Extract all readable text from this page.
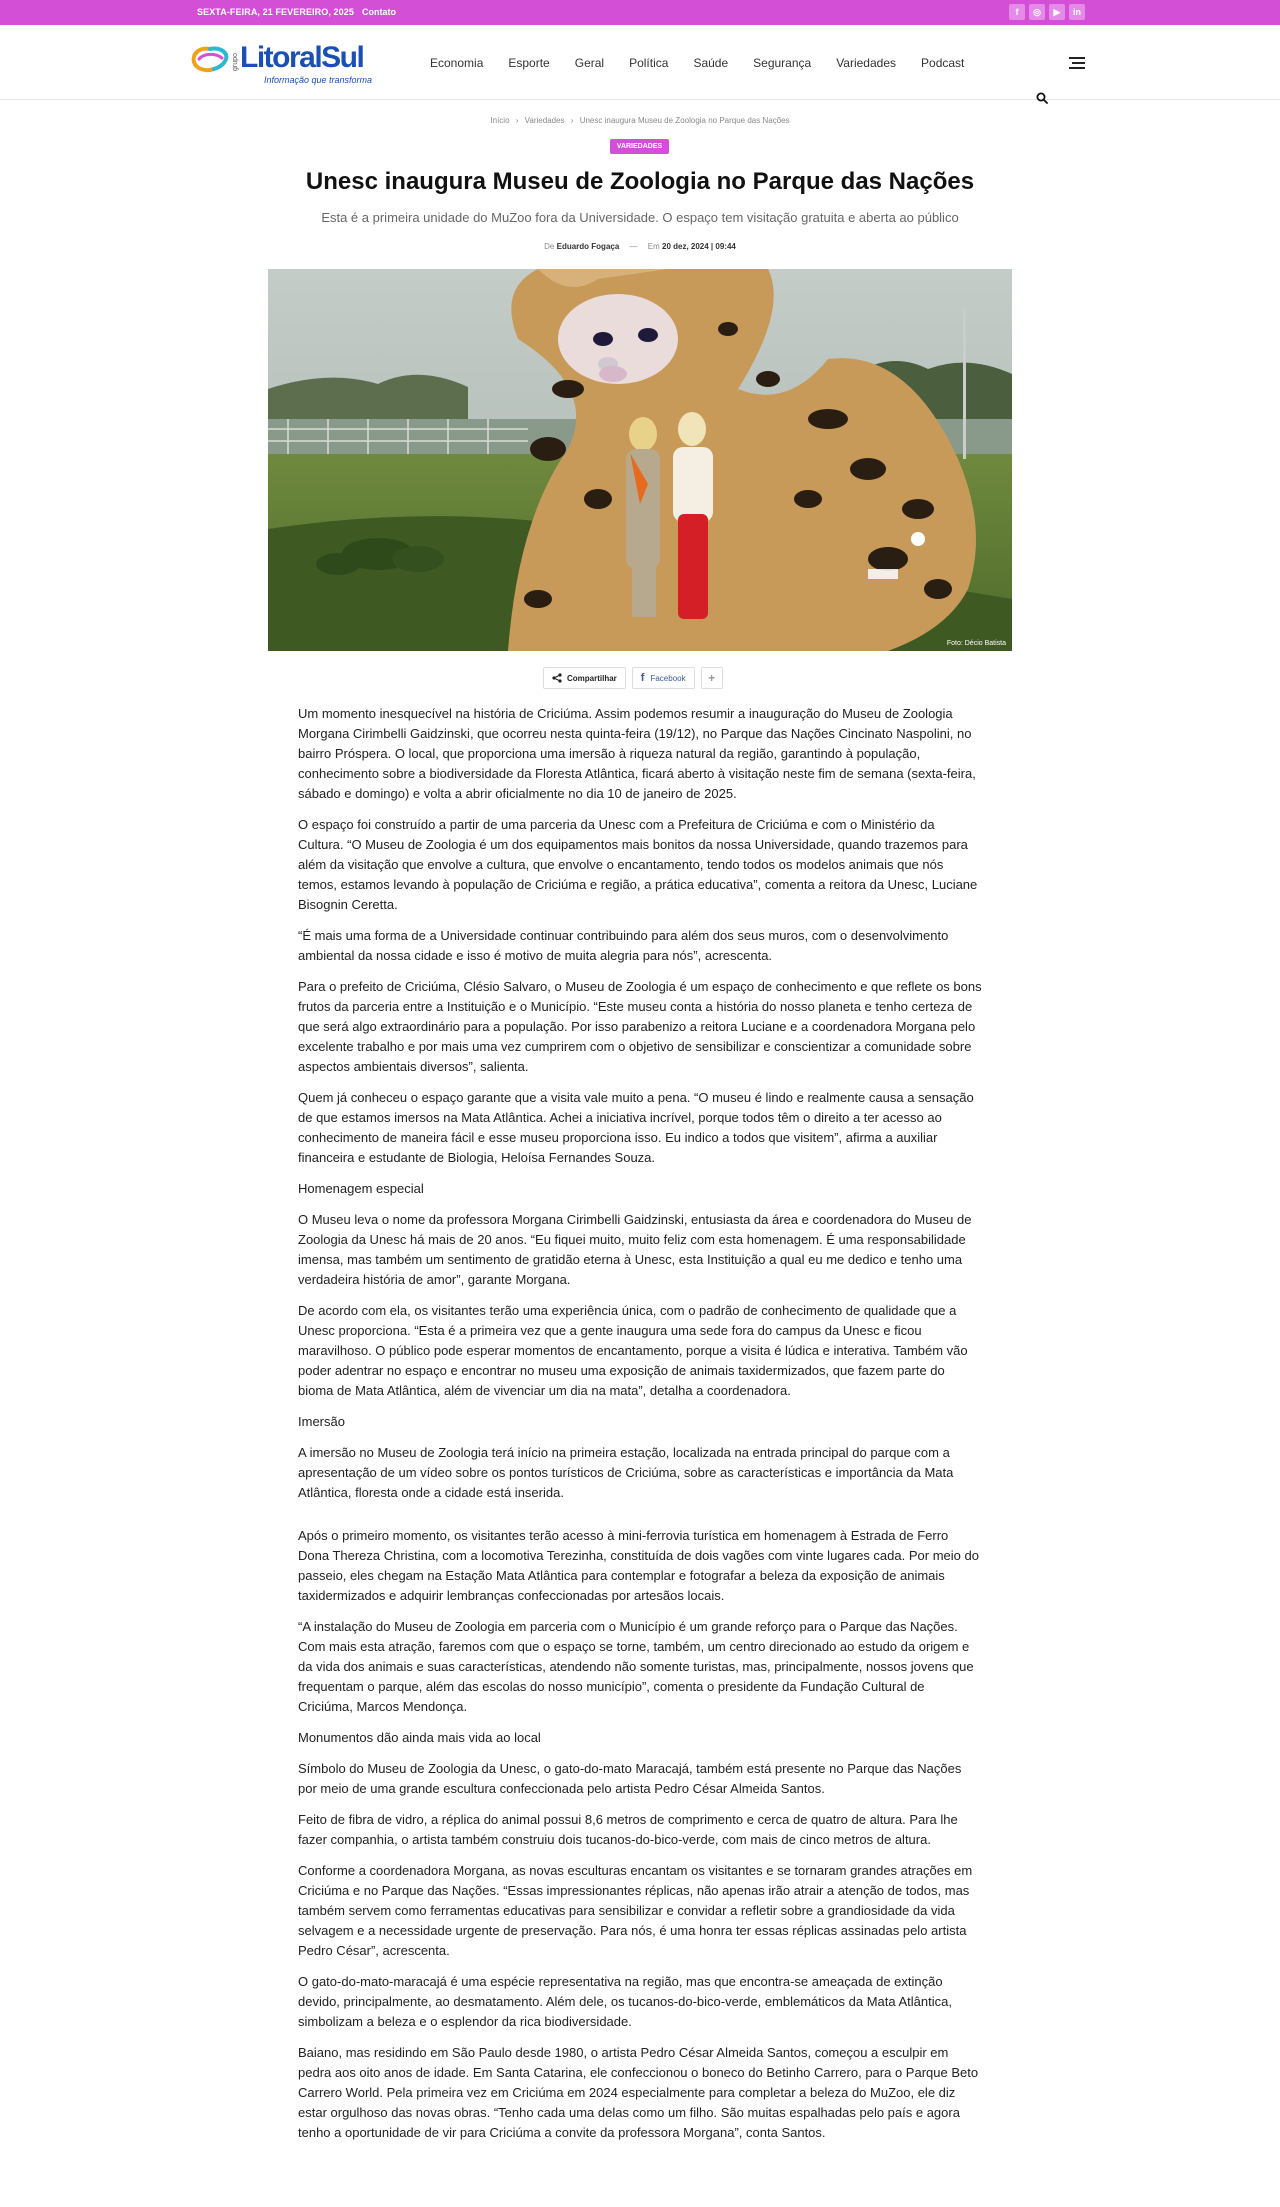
SEXTA-FEIRA, 21 FEVEREIRO, 2025 Contato	f	◎	▶	in
grupo LitoralSul
Informação que transforma
Economia Esporte Geral Política Saúde Segurança Variedades Podcast
Início › Variedades › Unesc inaugura Museu de Zoologia no Parque das Nações
VARIEDADES
Unesc inaugura Museu de Zoologia no Parque das Nações
Esta é a primeira unidade do MuZoo fora da Universidade. O espaço tem visitação gratuita e aberta ao público
De Eduardo Fogaça — Em 20 dez, 2024 | 09:44
Foto: Décio Batista
Compartilhar f Facebook	+

Um momento inesquecível na história de Criciúma. Assim podemos resumir a inauguração do Museu de Zoologia Morgana Cirimbelli Gaidzinski, que ocorreu nesta quinta-feira (19/12), no Parque das Nações Cincinato Naspolini, no bairro Próspera. O local, que proporciona uma imersão à riqueza natural da região, garantindo à população, conhecimento sobre a biodiversidade da Floresta Atlântica, ficará aberto à visitação neste fim de semana (sexta-feira, sábado e domingo) e volta a abrir oficialmente no dia 10 de janeiro de 2025.

O espaço foi construído a partir de uma parceria da Unesc com a Prefeitura de Criciúma e com o Ministério da Cultura. “O Museu de Zoologia é um dos equipamentos mais bonitos da nossa Universidade, quando trazemos para além da visitação que envolve a cultura, que envolve o encantamento, tendo todos os modelos animais que nós temos, estamos levando à população de Criciúma e região, a prática educativa”, comenta a reitora da Unesc, Luciane Bisognin Ceretta.

“É mais uma forma de a Universidade continuar contribuindo para além dos seus muros, com o desenvolvimento ambiental da nossa cidade e isso é motivo de muita alegria para nós”, acrescenta.

Para o prefeito de Criciúma, Clésio Salvaro, o Museu de Zoologia é um espaço de conhecimento e que reflete os bons frutos da parceria entre a Instituição e o Município. “Este museu conta a história do nosso planeta e tenho certeza de que será algo extraordinário para a população. Por isso parabenizo a reitora Luciane e a coordenadora Morgana pelo excelente trabalho e por mais uma vez cumprirem com o objetivo de sensibilizar e conscientizar a comunidade sobre aspectos ambientais diversos”, salienta.

Quem já conheceu o espaço garante que a visita vale muito a pena. “O museu é lindo e realmente causa a sensação de que estamos imersos na Mata Atlântica. Achei a iniciativa incrível, porque todos têm o direito a ter acesso ao conhecimento de maneira fácil e esse museu proporciona isso. Eu indico a todos que visitem”, afirma a auxiliar financeira e estudante de Biologia, Heloísa Fernandes Souza.

Homenagem especial

O Museu leva o nome da professora Morgana Cirimbelli Gaidzinski, entusiasta da área e coordenadora do Museu de Zoologia da Unesc há mais de 20 anos. “Eu fiquei muito, muito feliz com esta homenagem. É uma responsabilidade imensa, mas também um sentimento de gratidão eterna à Unesc, esta Instituição a qual eu me dedico e tenho uma verdadeira história de amor”, garante Morgana.

De acordo com ela, os visitantes terão uma experiência única, com o padrão de conhecimento de qualidade que a Unesc proporciona. “Esta é a primeira vez que a gente inaugura uma sede fora do campus da Unesc e ficou maravilhoso. O público pode esperar momentos de encantamento, porque a visita é lúdica e interativa. Também vão poder adentrar no espaço e encontrar no museu uma exposição de animais taxidermizados, que fazem parte do bioma de Mata Atlântica, além de vivenciar um dia na mata”, detalha a coordenadora.

Imersão

A imersão no Museu de Zoologia terá início na primeira estação, localizada na entrada principal do parque com a apresentação de um vídeo sobre os pontos turísticos de Criciúma, sobre as características e importância da Mata Atlântica, floresta onde a cidade está inserida.

Após o primeiro momento, os visitantes terão acesso à mini-ferrovia turística em homenagem à Estrada de Ferro Dona Thereza Christina, com a locomotiva Terezinha, constituída de dois vagões com vinte lugares cada. Por meio do passeio, eles chegam na Estação Mata Atlântica para contemplar e fotografar a beleza da exposição de animais taxidermizados e adquirir lembranças confeccionadas por artesãos locais.

“A instalação do Museu de Zoologia em parceria com o Município é um grande reforço para o Parque das Nações. Com mais esta atração, faremos com que o espaço se torne, também, um centro direcionado ao estudo da origem e da vida dos animais e suas características, atendendo não somente turistas, mas, principalmente, nossos jovens que frequentam o parque, além das escolas do nosso município”, comenta o presidente da Fundação Cultural de Criciúma, Marcos Mendonça.

Monumentos dão ainda mais vida ao local

Símbolo do Museu de Zoologia da Unesc, o gato-do-mato Maracajá, também está presente no Parque das Nações por meio de uma grande escultura confeccionada pelo artista Pedro César Almeida Santos.

Feito de fibra de vidro, a réplica do animal possui 8,6 metros de comprimento e cerca de quatro de altura. Para lhe fazer companhia, o artista também construiu dois tucanos-do-bico-verde, com mais de cinco metros de altura.

Conforme a coordenadora Morgana, as novas esculturas encantam os visitantes e se tornaram grandes atrações em Criciúma e no Parque das Nações. “Essas impressionantes réplicas, não apenas irão atrair a atenção de todos, mas também servem como ferramentas educativas para sensibilizar e convidar a refletir sobre a grandiosidade da vida selvagem e a necessidade urgente de preservação. Para nós, é uma honra ter essas réplicas assinadas pelo artista Pedro César”, acrescenta.

O gato-do-mato-maracajá é uma espécie representativa na região, mas que encontra-se ameaçada de extinção devido, principalmente, ao desmatamento. Além dele, os tucanos-do-bico-verde, emblemáticos da Mata Atlântica, simbolizam a beleza e o esplendor da rica biodiversidade.

Baiano, mas residindo em São Paulo desde 1980, o artista Pedro César Almeida Santos, começou a esculpir em pedra aos oito anos de idade. Em Santa Catarina, ele confeccionou o boneco do Betinho Carrero, para o Parque Beto Carrero World. Pela primeira vez em Criciúma em 2024 especialmente para completar a beleza do MuZoo, ele diz estar orgulhoso das novas obras. “Tenho cada uma delas como um filho. São muitas espalhadas pelo país e agora tenho a oportunidade de vir para Criciúma a convite da professora Morgana”, conta Santos.
